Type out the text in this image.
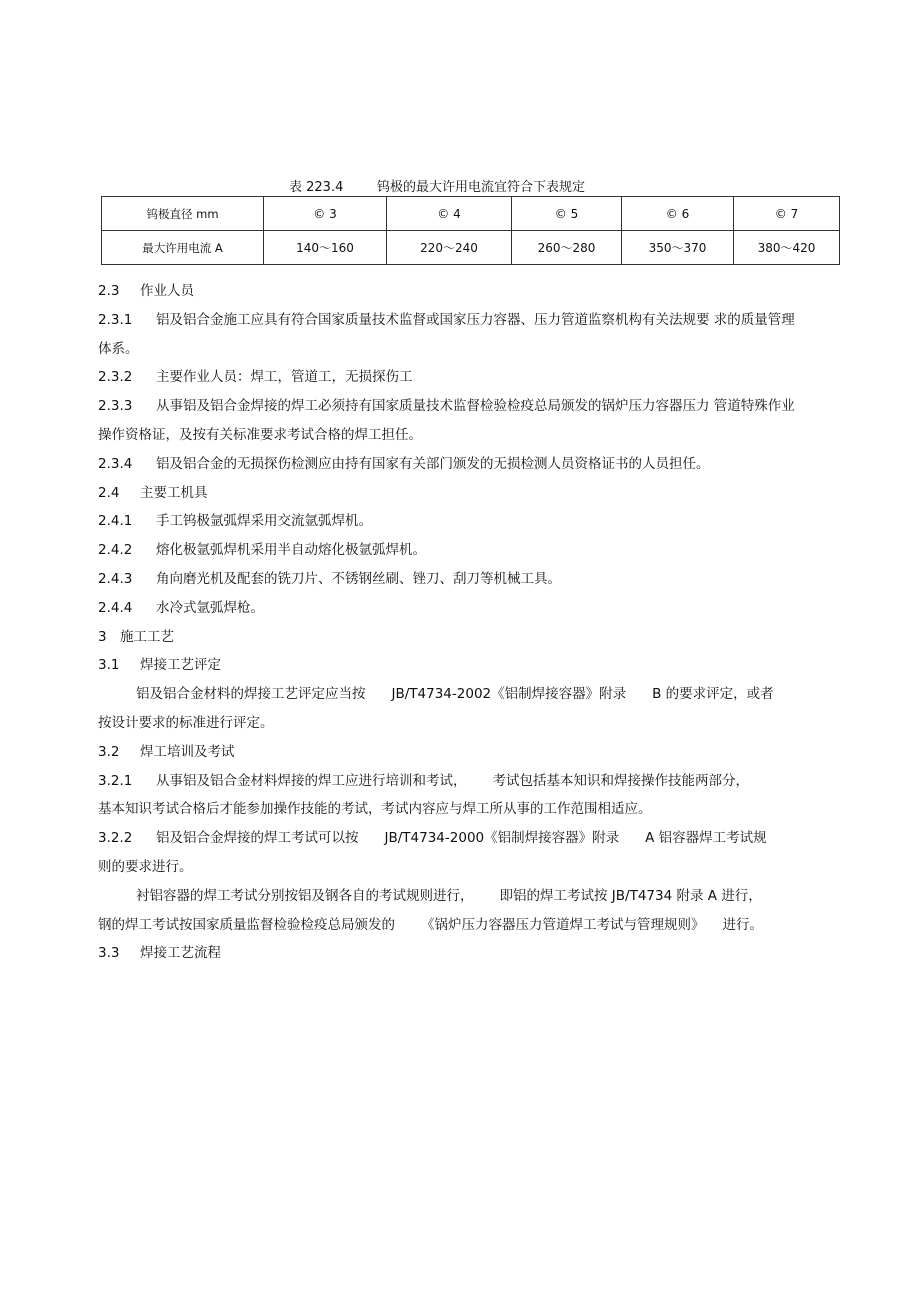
表 223.4	钨极的最大许用电流宜符合下表规定
钨极直径 mm	© 3	© 4	© 5	© 6	© 7
最大许用电流 A	140～160	220～240	260～280	350～370	380～420
2.3 作业人员
2.3.1 铝及铝合金施工应具有符合国家质量技术监督或国家压力容器、压力管道监察机构有关法规要 求的质量管理
体系。
2.3.2 主要作业人员：焊工，管道工，无损探伤工
2.3.3 从事铝及铝合金焊接的焊工必须持有国家质量技术监督检验检疫总局颁发的锅炉压力容器压力 管道特殊作业
操作资格证，及按有关标准要求考试合格的焊工担任。
2.3.4 铝及铝合金的无损探伤检测应由持有国家有关部门颁发的无损检测人员资格证书的人员担任。
2.4 主要工机具
2.4.1 手工钨极氩弧焊采用交流氩弧焊机。
2.4.2 熔化极氩弧焊机采用半自动熔化极氩弧焊机。
2.4.3 角向磨光机及配套的铣刀片、不锈钢丝刷、锉刀、刮刀等机械工具。
2.4.4 水冷式氩弧焊枪。
3 施工工艺
3.1 焊接工艺评定
铝及铝合金材料的焊接工艺评定应当按 JB/T4734-2002《铝制焊接容器》附录 B 的要求评定，或者
按设计要求的标准进行评定。
3.2 焊工培训及考试
3.2.1 从事铝及铝合金材料焊接的焊工应进行培训和考试， 考试包括基本知识和焊接操作技能两部分，
基本知识考试合格后才能参加操作技能的考试，考试内容应与焊工所从事的工作范围相适应。
3.2.2 铝及铝合金焊接的焊工考试可以按 JB/T4734-2000《铝制焊接容器》附录 A 铝容器焊工考试规
则的要求进行。
衬铝容器的焊工考试分别按铝及钢各自的考试规则进行， 即铝的焊工考试按 JB/T4734 附录 A 进行，
钢的焊工考试按国家质量监督检验检疫总局颁发的 《锅炉压力容器压力管道焊工考试与管理规则》 进行。
3.3 焊接工艺流程
